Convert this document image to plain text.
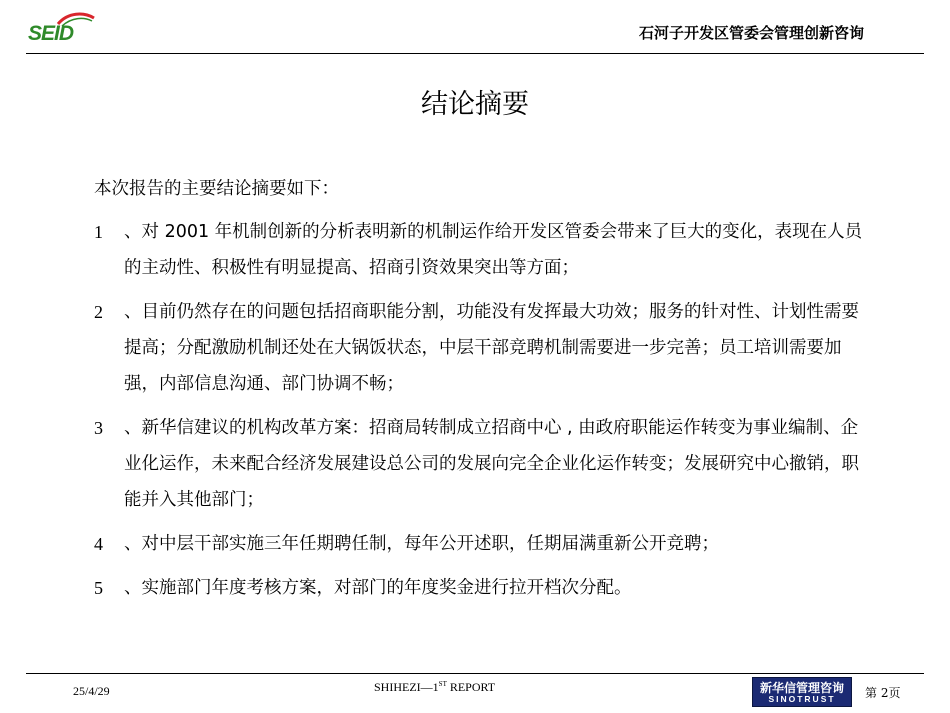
SEID	石河子开发区管委会管理创新咨询
结论摘要

本次报告的主要结论摘要如下：

1 、对 2001 年机制创新的分析表明新的机制运作给开发区管委会带来了巨大的变化，表现在人员的主动性、积极性有明显提高、招商引资效果突出等方面；
2 、目前仍然存在的问题包括招商职能分割，功能没有发挥最大功效；服务的针对性、计划性需要提高；分配激励机制还处在大锅饭状态，中层干部竞聘机制需要进一步完善；员工培训需要加强，内部信息沟通、部门协调不畅；
3 、新华信建议的机构改革方案：招商局转制成立招商中心 , 由政府职能运作转变为事业编制、企业化运作，未来配合经济发展建设总公司的发展向完全企业化运作转变；发展研究中心撤销，职能并入其他部门；
4 、对中层干部实施三年任期聘任制，每年公开述职，任期届满重新公开竞聘；
5 、实施部门年度考核方案，对部门的年度奖金进行拉开档次分配。
25/4/29	SHIHEZI—1ST REPORT	新华信管理咨询
SINOTRUST	第 2页
